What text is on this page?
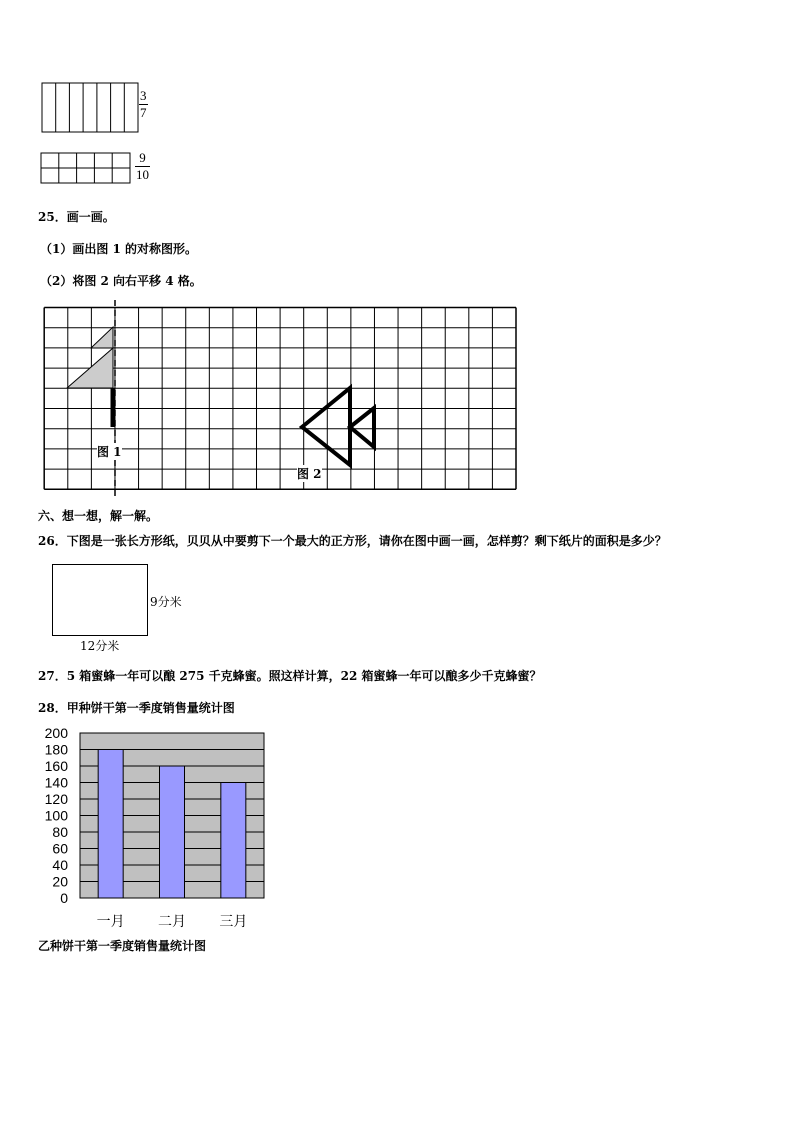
$\frac{3}{7}$
$\frac{9}{10}$
25．画一画。
（1）画出图 1 的对称图形。
（2）将图 2 向右平移 4 格。
图 1
图 2
六、想一想，解一解。
26．下图是一张长方形纸，贝贝从中要剪下一个最大的正方形，请你在图中画一画，怎样剪？剩下纸片的面积是多少？
9分米
12分米
27．5 箱蜜蜂一年可以酿 275 千克蜂蜜。照这样计算，22 箱蜜蜂一年可以酿多少千克蜂蜜？
28．甲种饼干第一季度销售量统计图
0
20
40
60
80
100
120
140
160
180
200
一月 二月 三月
乙种饼干第一季度销售量统计图
